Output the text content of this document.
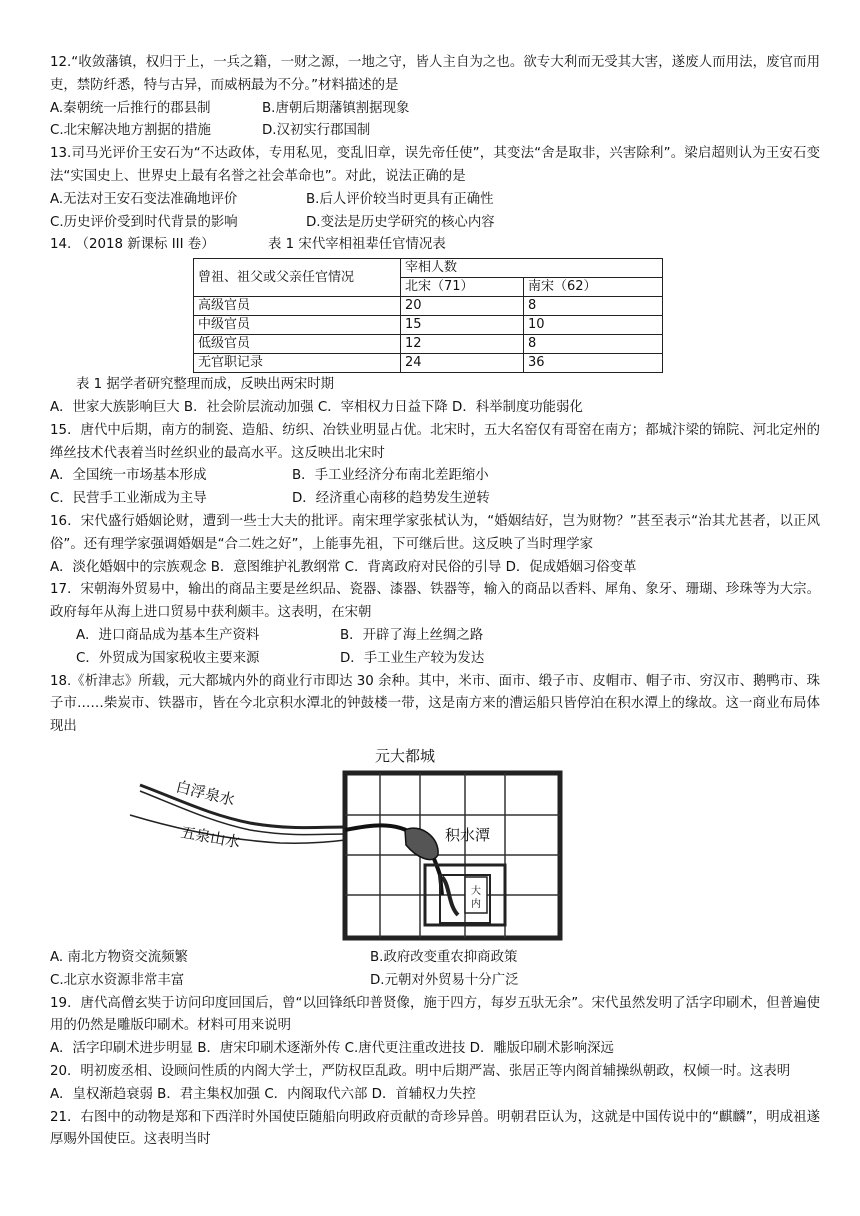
12.“收敛藩镇，权归于上，一兵之籍，一财之源，一地之守，皆人主自为之也。欲专大利而无受其大害，遂废人而用法，废官而用吏，禁防纤悉，特与古异，而威柄最为不分。”材料描述的是

A.秦朝统一后推行的郡县制	B.唐朝后期藩镇割据现象
C.北宋解决地方割据的措施	D.汉初实行郡国制

13.司马光评价王安石为“不达政体，专用私见，变乱旧章，误先帝任使”，其变法“舍是取非，兴害除利”。梁启超则认为王安石变法“实国史上、世界史上最有名誉之社会革命也”。对此，说法正确的是

A.无法对王安石变法准确地评价	B.后人评价较当时更具有正确性
C.历史评价受到时代背景的影响	D.变法是历史学研究的核心内容
14. （2018 新课标 III 卷）	表 1 宋代宰相祖辈任官情况表
曾祖、祖父或父亲任官情况	宰相人数	
	北宋（71）	南宋（62）
高级官员	20	8
中级官员	15	10
低级官员	12	8
无官职记录	24	36

表 1 据学者研究整理而成，反映出两宋时期

A．世家大族影响巨大 B．社会阶层流动加强 C．宰相权力日益下降 D．科举制度功能弱化

15．唐代中后期，南方的制瓷、造船、纺织、冶铁业明显占优。北宋时，五大名窑仅有哥窑在南方；都城汴梁的锦院、河北定州的缂丝技术代表着当时丝织业的最高水平。这反映出北宋时

A．全国统一市场基本形成	B．手工业经济分布南北差距缩小
C．民营手工业渐成为主导	D．经济重心南移的趋势发生逆转

16．宋代盛行婚姻论财，遭到一些士大夫的批评。南宋理学家张栻认为，“婚姻结好，岂为财物？”甚至表示“治其尤甚者，以正风俗”。还有理学家强调婚姻是“合二姓之好”，上能事先祖，下可继后世。这反映了当时理学家

A．淡化婚姻中的宗族观念 B．意图维护礼教纲常 C．背离政府对民俗的引导 D．促成婚姻习俗变革

17．宋朝海外贸易中，输出的商品主要是丝织品、瓷器、漆器、铁器等，输入的商品以香料、犀角、象牙、珊瑚、珍珠等为大宗。政府每年从海上进口贸易中获利颇丰。这表明，在宋朝

A．进口商品成为基本生产资料	B．开辟了海上丝绸之路
C．外贸成为国家税收主要来源	D．手工业生产较为发达

18.《析津志》所载，元大都城内外的商业行市即达 30 余种。其中，米市、面市、缎子市、皮帽市、帽子市、穷汉市、鹅鸭市、珠子市……柴炭市、铁器市，皆在今北京积水潭北的钟鼓楼一带，这是南方来的漕运船只皆停泊在积水潭上的缘故。这一商业布局体现出

元大都城
白浮泉水
五泉山水	积水潭
大内
A. 南北方物资交流频繁	B.政府改变重农抑商政策
C.北京水资源非常丰富	D.元朝对外贸易十分广泛

19．唐代高僧玄奘于访问印度回国后，曾“以回锋纸印普贤像，施于四方，每岁五驮无余”。宋代虽然发明了活字印刷术，但普遍使用的仍然是雕版印刷术。材料可用来说明

A．活字印刷术进步明显 B．唐宋印刷术逐渐外传 C.唐代更注重改进技 D．雕版印刷术影响深远

20．明初废丞相、设顾问性质的内阁大学士，严防权臣乱政。明中后期严嵩、张居正等内阁首辅操纵朝政，权倾一时。这表明

A．皇权渐趋衰弱 B．君主集权加强 C．内阁取代六部 D．首辅权力失控

21．右图中的动物是郑和下西洋时外国使臣随船向明政府贡献的奇珍异兽。明朝君臣认为，这就是中国传说中的“麒麟”，明成祖遂厚赐外国使臣。这表明当时
